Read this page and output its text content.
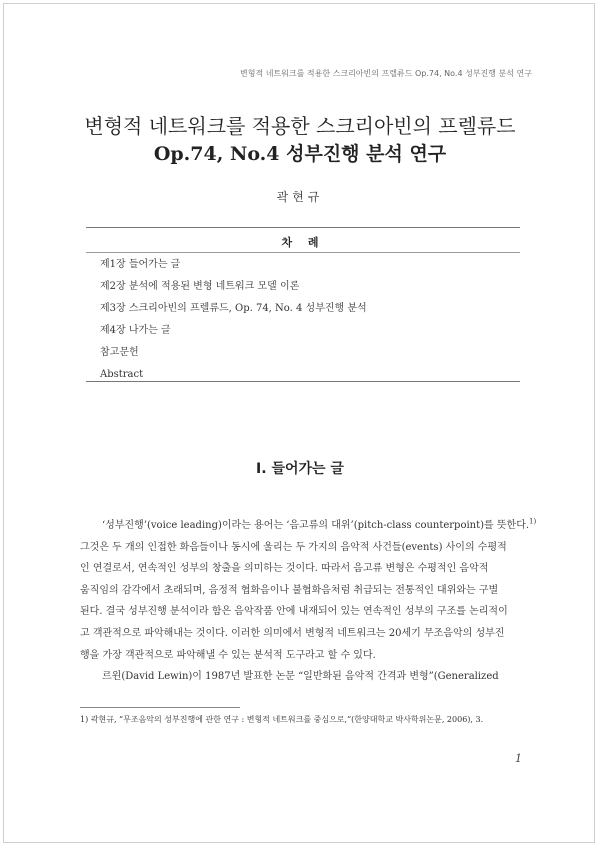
변형적 네트워크를 적용한 스크리아빈의 프렐류드 Op.74, No.4 성부진행 분석 연구
변형적 네트워크를 적용한 스크리아빈의 프렐류드
Op.74, No.4 성부진행 분석 연구
곽현규
차 례
제1장 들어가는 글
제2장 분석에 적용된 변형 네트워크 모델 이론
제3장 스크리아빈의 프렐류드, Op. 74, No. 4 성부진행 분석
제4장 나가는 글
참고문헌
Abstract
Ⅰ. 들어가는 글

‘성부진행’(voice leading)이라는 용어는 ‘음고류의 대위’(pitch-class counterpoint)를 뜻한다.$^{1)}$
그것은 두 개의 인접한 화음들이나 동시에 울리는 두 가지의 음악적 사건들(events) 사이의 수평적
인 연결로서, 연속적인 성부의 창출을 의미하는 것이다. 따라서 음고류 변형은 수평적인 음악적
움직임의 감각에서 초래되며, 음정적 협화음이나 불협화음처럼 취급되는 전통적인 대위와는 구별
된다. 결국 성부진행 분석이라 함은 음악작품 안에 내재되어 있는 연속적인 성부의 구조를 논리적이
고 객관적으로 파악해내는 것이다. 이러한 의미에서 변형적 네트워크는 20세기 무조음악의 성부진
행을 가장 객관적으로 파악해낼 수 있는 분석적 도구라고 할 수 있다.

르윈(David Lewin)이 1987년 발표한 논문 “일반화된 음악적 간격과 변형”(Generalized

1) 곽현규, “무조음악의 성부진행에 관한 연구 : 변형적 네트워크를 중심으로,”(한양대학교 박사학위논문, 2006), 3.
1
